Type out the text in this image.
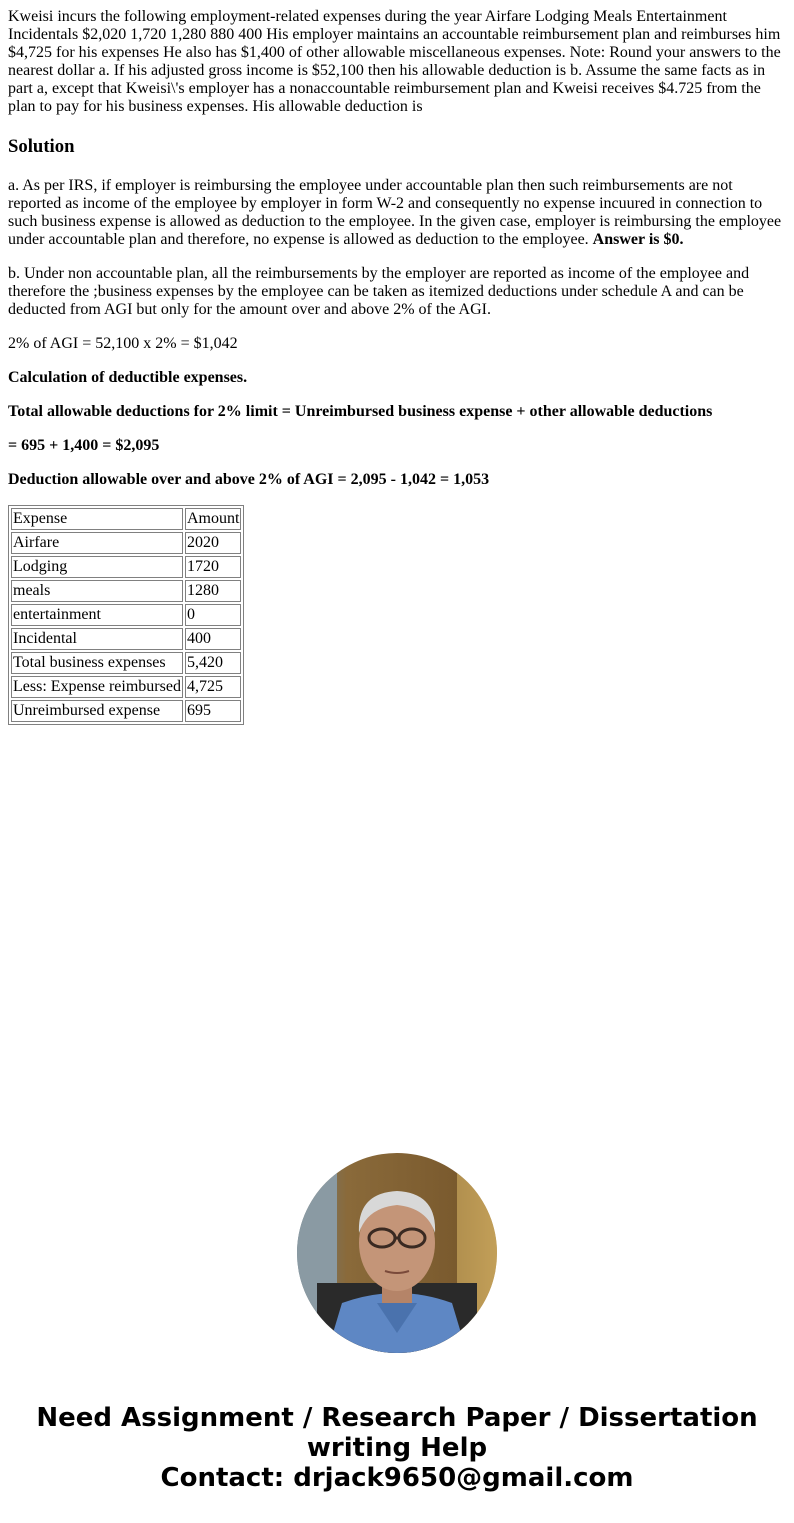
Kweisi incurs the following employment-related expenses during the year Airfare Lodging Meals Entertainment Incidentals $2,020 1,720 1,280 880 400 His employer maintains an accountable reimbursement plan and reimburses him $4,725 for his expenses He also has $1,400 of other allowable miscellaneous expenses. Note: Round your answers to the nearest dollar a. If his adjusted gross income is $52,100 then his allowable deduction is b. Assume the same facts as in part a, except that Kweisi\'s employer has a nonaccountable reimbursement plan and Kweisi receives $4.725 from the plan to pay for his business expenses. His allowable deduction is
Solution

a. As per IRS, if employer is reimbursing the employee under accountable plan then such reimbursements are not reported as income of the employee by employer in form W-2 and consequently no expense incuured in connection to such business expense is allowed as deduction to the employee. In the given case, employer is reimbursing the employee under accountable plan and therefore, no expense is allowed as deduction to the employee. Answer is $0.

b. Under non accountable plan, all the reimbursements by the employer are reported as income of the employee and therefore the ;business expenses by the employee can be taken as itemized deductions under schedule A and can be deducted from AGI but only for the amount over and above 2% of the AGI.

2% of AGI = 52,100 x 2% = $1,042

Calculation of deductible expenses.

Total allowable deductions for 2% limit = Unreimbursed business expense + other allowable deductions

= 695 + 1,400 = $2,095

Deduction allowable over and above 2% of AGI = 2,095 - 1,042 = 1,053

Expense	Amount
Airfare	2020
Lodging	1720
meals	1280
entertainment	0
Incidental	400
Total business expenses	5,420
Less: Expense reimbursed	4,725
Unreimbursed expense	695
Need Assignment / Research Paper / Dissertation
writing Help
Contact: drjack9650@gmail.com
